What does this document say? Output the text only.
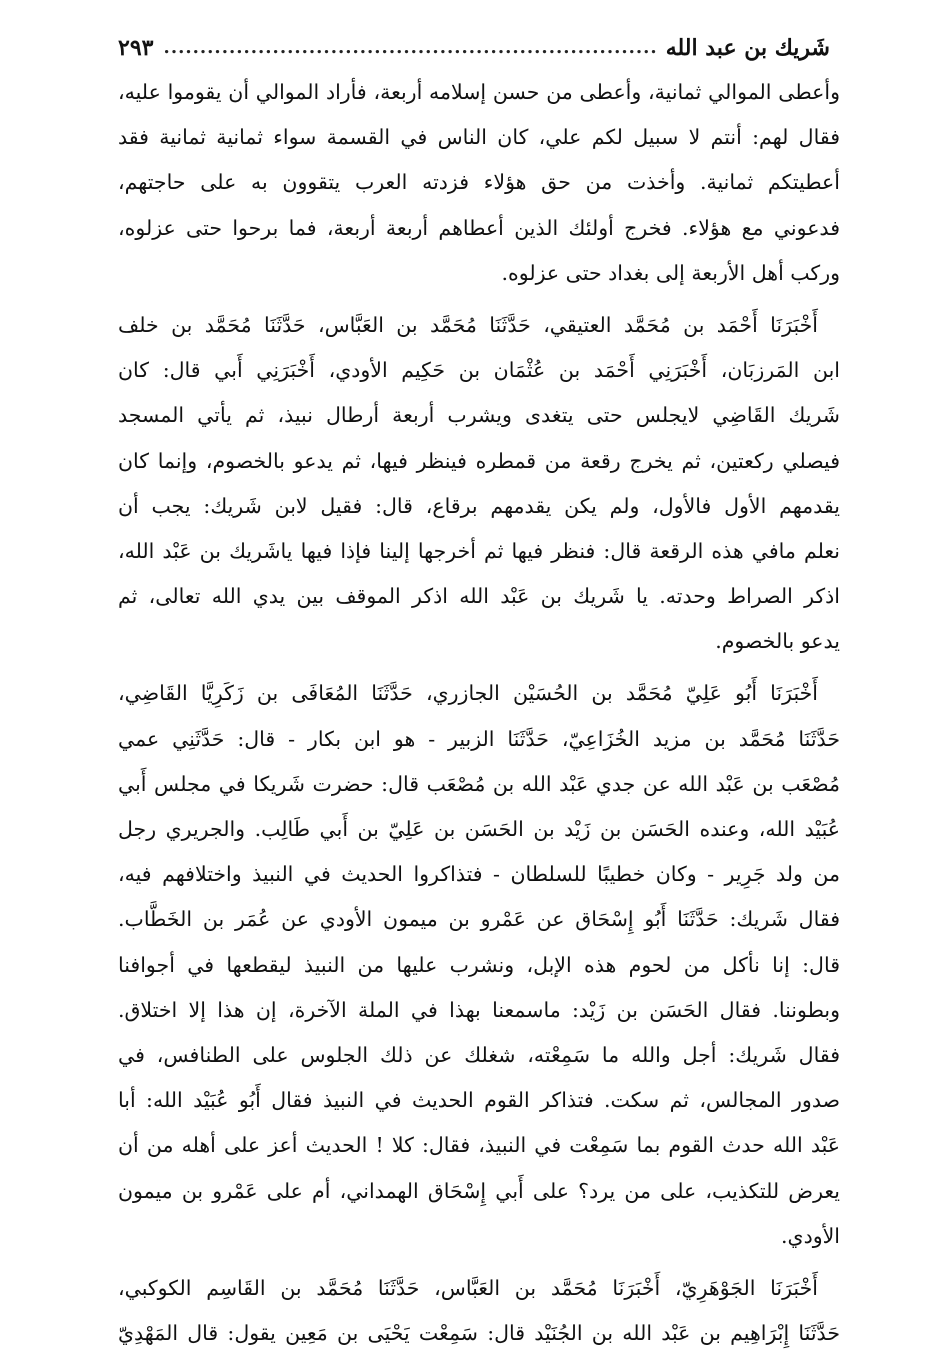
شَريك بن عبد الله
.....
٢٩٣
وأعطى الموالي ثمانية، وأعطى من حسن إسلامه أربعة، فأراد الموالي أن يقوموا عليه،
فقال لهم: أنتم لا سبيل لكم علي، كان الناس في القسمة سواء ثمانية ثمانية فقد
أعطيتكم ثمانية. وأخذت من حق هؤلاء فزدته العرب يتقوون به على حاجتهم،
فدعوني مع هؤلاء. فخرج أولئك الذين أعطاهم أربعة أربعة، فما برحوا حتى عزلوه،
وركب أهل الأربعة إلى بغداد حتى عزلوه.
أَخْبَرَنَا أَحْمَد بن مُحَمَّد العتيقي، حَدَّثَنَا مُحَمَّد بن العَبَّاس، حَدَّثَنَا مُحَمَّد بن خلف
ابن المَرزبَان، أَخْبَرَنِي أَحْمَد بن عُثْمَان بن حَكِيم الأودي، أَخْبَرَنِي أَبي قال: كان
شَريك القَاضِي لايجلس حتى يتغدى ويشرب أربعة أرطال نبيذ، ثم يأتي المسجد
فيصلي ركعتين، ثم يخرج رقعة من قمطره فينظر فيها، ثم يدعو بالخصوم، وإنما كان
يقدمهم الأول فالأول، ولم يكن يقدمهم برقاع، قال: فقيل لابن شَريك: يجب أن
نعلم مافي هذه الرقعة قال: فنظر فيها ثم أخرجها إلينا فإذا فيها ياشَريك بن عَبْد الله،
اذكر الصراط وحدته. يا شَريك بن عَبْد الله اذكر الموقف بين يدي الله تعالى، ثم
يدعو بالخصوم.
أَخْبَرَنَا أَبُو عَلِيّ مُحَمَّد بن الحُسَيْن الجازري، حَدَّثَنَا المُعَافَى بن زَكَرِيَّا القَاضِي،
حَدَّثَنَا مُحَمَّد بن مزيد الخُزَاعِيّ، حَدَّثَنَا الزبير - هو ابن بكار - قال: حَدَّثَنِي عمي
مُصْعَب بن عَبْد الله عن جدي عَبْد الله بن مُصْعَب قال: حضرت شَريكا في مجلس أَبي
عُبَيْد الله، وعنده الحَسَن بن زَيْد بن الحَسَن بن عَلِيّ بن أَبي طَالِب. والجريري رجل
من ولد جَرِير - وكان خطيبًا للسلطان - فتذاكروا الحديث في النبيذ واختلافهم فيه،
فقال شَريك: حَدَّثَنَا أَبُو إِسْحَاق عن عَمْرو بن ميمون الأودي عن عُمَر بن الخَطَّاب.
قال: إنا نأكل من لحوم هذه الإبل، ونشرب عليها من النبيذ ليقطعها في أجوافنا
وبطوننا. فقال الحَسَن بن زَيْد: ماسمعنا بهذا في الملة الآخرة، إن هذا إلا اختلاق.
فقال شَريك: أجل والله ما سَمِعْته، شغلك عن ذلك الجلوس على الطنافس، في
صدور المجالس، ثم سكت. فتذاكر القوم الحديث في النبيذ فقال أَبُو عُبَيْد الله: أبا
عَبْد الله حدث القوم بما سَمِعْت في النبيذ، فقال: كلا ! الحديث أعز على أهله من أن
يعرض للتكذيب، على من يرد؟ على أَبي إِسْحَاق الهمداني، أم على عَمْرو بن ميمون
الأودي.
أَخْبَرَنَا الجَوْهَرِيّ، أَخْبَرَنَا مُحَمَّد بن العَبَّاس، حَدَّثَنَا مُحَمَّد بن القَاسِم الكوكبي،
حَدَّثَنَا إِبْرَاهِيم بن عَبْد الله بن الجُنَيْد قال: سَمِعْت يَحْيَى بن مَعِين يقول: قال المَهْدِيّ
